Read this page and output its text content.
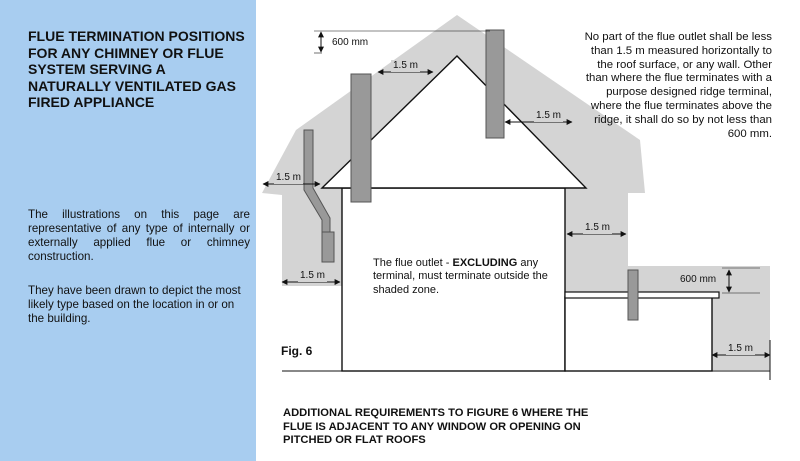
FLUE TERMINATION POSITIONS FOR ANY CHIMNEY OR FLUE SYSTEM SERVING A NATURALLY VENTILATED GAS FIRED APPLIANCE
The illustrations on this page are representative of any type of internally or externally applied flue or chimney construction.
They have been drawn to depict the most likely type based on the location in or on the building.
600 mm
1.5 m
1.5 m
1.5 m
1.5 m
1.5 m
600 mm
1.5 m
No part of the flue outlet shall be less than 1.5 m measured horizontally to the roof surface, or any wall. Other than where the flue terminates with a purpose designed ridge terminal, where the flue terminates above the ridge, it shall do so by not less than 600 mm.
The flue outlet - EXCLUDING any terminal, must terminate outside the shaded zone.
Fig. 6
ADDITIONAL REQUIREMENTS TO FIGURE 6 WHERE THE FLUE IS ADJACENT TO ANY WINDOW OR OPENING ON PITCHED OR FLAT ROOFS
